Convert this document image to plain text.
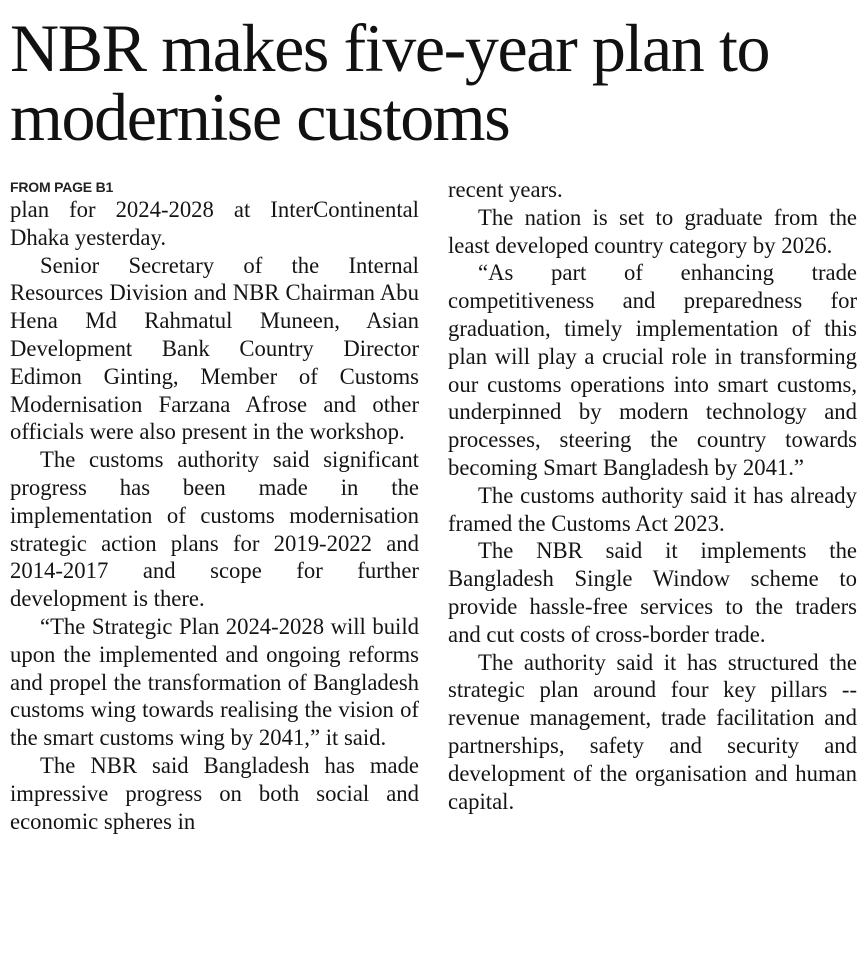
NBR makes five-year plan to modernise customs
FROM PAGE B1

plan for 2024-2028 at InterContinental Dhaka yesterday.

Senior Secretary of the Internal Resources Division and NBR Chairman Abu Hena Md Rahmatul Muneen, Asian Development Bank Country Director Edimon Ginting, Member of Customs Modernisation Farzana Afrose and other officials were also present in the workshop.

The customs authority said significant progress has been made in the implementation of customs modernisation strategic action plans for 2019-2022 and 2014-2017 and scope for further development is there.

“The Strategic Plan 2024-2028 will build upon the implemented and ongoing reforms and propel the transformation of Bangladesh customs wing towards realising the vision of the smart customs wing by 2041,” it said.

The NBR said Bangladesh has made impressive progress on both social and economic spheres in

recent years.

The nation is set to graduate from the least developed country category by 2026.

“As part of enhancing trade competitiveness and preparedness for graduation, timely implementation of this plan will play a crucial role in transforming our customs operations into smart customs, underpinned by modern technology and processes, steering the country towards becoming Smart Bangladesh by 2041.”

The customs authority said it has already framed the Customs Act 2023.

The NBR said it implements the Bangladesh Single Window scheme to provide hassle-free services to the traders and cut costs of cross-border trade.

The authority said it has structured the strategic plan around four key pillars -- revenue management, trade facilitation and partnerships, safety and security and development of the organisation and human capital.
